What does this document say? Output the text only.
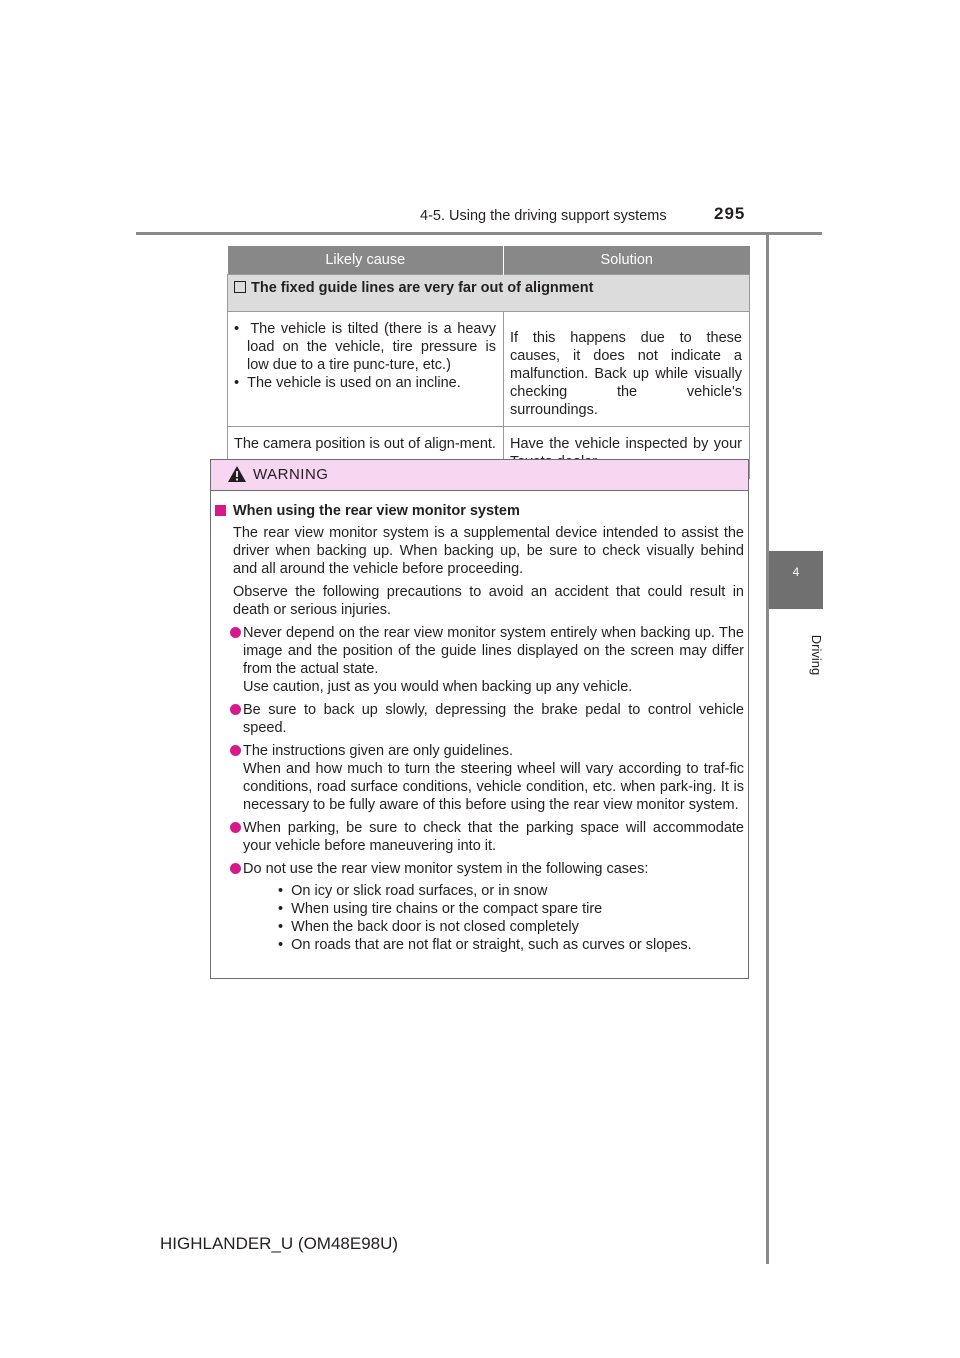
4-5. Using the driving support systems	295
4
Driving
Likely cause	Solution
The fixed guide lines are very far out of alignment	

•  The vehicle is tilted (there is a heavy load on the vehicle, tire pressure is low due to a tire punc-ture, etc.)
•  The vehicle is used on an incline.	If this happens due to these causes, it does not indicate a malfunction. Back up while visually checking the vehicle's surroundings.
The camera position is out of align-ment.	Have the vehicle inspected by your
WARNING
When using the rear view monitor system
The rear view monitor system is a supplemental device intended to assist the driver when backing up. When backing up, be sure to check visually behind and all around the vehicle before proceeding.
Observe the following precautions to avoid an accident that could result in death or serious injuries.
Never depend on the rear view monitor system entirely when backing up. The image and the position of the guide lines displayed on the screen may differ from the actual state.
Use caution, just as you would when backing up any vehicle.
Be sure to back up slowly, depressing the brake pedal to control vehicle speed.
The instructions given are only guidelines.
When and how much to turn the steering wheel will vary according to traf-fic conditions, road surface conditions, vehicle condition, etc. when park-ing. It is necessary to be fully aware of this before using the rear view monitor system.
When parking, be sure to check that the parking space will accommodate your vehicle before maneuvering into it.
Do not use the rear view monitor system in the following cases:
•  On icy or slick road surfaces, or in snow
•  When using tire chains or the compact spare tire
•  When the back door is not closed completely
•  On roads that are not flat or straight, such as curves or slopes.
HIGHLANDER_U (OM48E98U)
